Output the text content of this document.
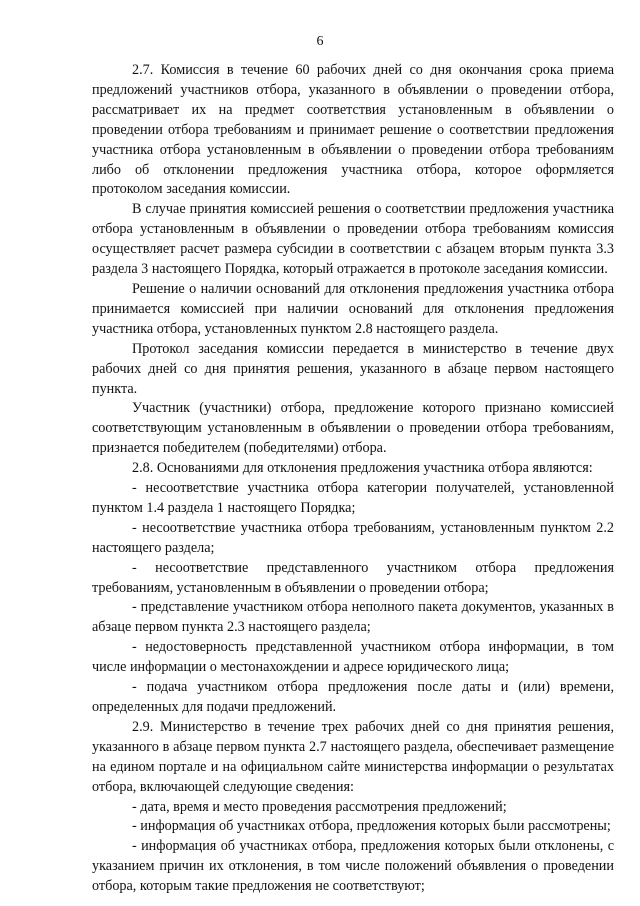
6

2.7. Комиссия в течение 60 рабочих дней со дня окончания срока приема предложений участников отбора, указанного в объявлении о проведении отбора, рассматривает их на предмет соответствия установленным в объявлении о проведении отбора требованиям и принимает решение о соответствии предложения участника отбора установленным в объявлении о проведении отбора требованиям либо об отклонении предложения участника отбора, которое оформляется протоколом заседания комиссии.

В случае принятия комиссией решения о соответствии предложения участника отбора установленным в объявлении о проведении отбора требованиям комиссия осуществляет расчет размера субсидии в соответствии с абзацем вторым пункта 3.3 раздела 3 настоящего Порядка, который отражается в протоколе заседания комиссии.

Решение о наличии оснований для отклонения предложения участника отбора принимается комиссией при наличии оснований для отклонения предложения участника отбора, установленных пунктом 2.8 настоящего раздела.

Протокол заседания комиссии передается в министерство в течение двух рабочих дней со дня принятия решения, указанного в абзаце первом настоящего пункта.

Участник (участники) отбора, предложение которого признано комиссией соответствующим установленным в объявлении о проведении отбора требованиям, признается победителем (победителями) отбора.

2.8. Основаниями для отклонения предложения участника отбора являются:

- несоответствие участника отбора категории получателей, установленной пунктом 1.4 раздела 1 настоящего Порядка;

- несоответствие участника отбора требованиям, установленным пунктом 2.2 настоящего раздела;

- несоответствие представленного участником отбора предложения требованиям, установленным в объявлении о проведении отбора;

- представление участником отбора неполного пакета документов, указанных в абзаце первом пункта 2.3 настоящего раздела;

- недостоверность представленной участником отбора информации, в том числе информации о местонахождении и адресе юридического лица;

- подача участником отбора предложения после даты и (или) времени, определенных для подачи предложений.

2.9. Министерство в течение трех рабочих дней со дня принятия решения, указанного в абзаце первом пункта 2.7 настоящего раздела, обеспечивает размещение на едином портале и на официальном сайте министерства информации о результатах отбора, включающей следующие сведения:

- дата, время и место проведения рассмотрения предложений;

- информация об участниках отбора, предложения которых были рассмотрены;

- информация об участниках отбора, предложения которых были отклонены, с указанием причин их отклонения, в том числе положений объявления о проведении отбора, которым такие предложения не соответствуют;
